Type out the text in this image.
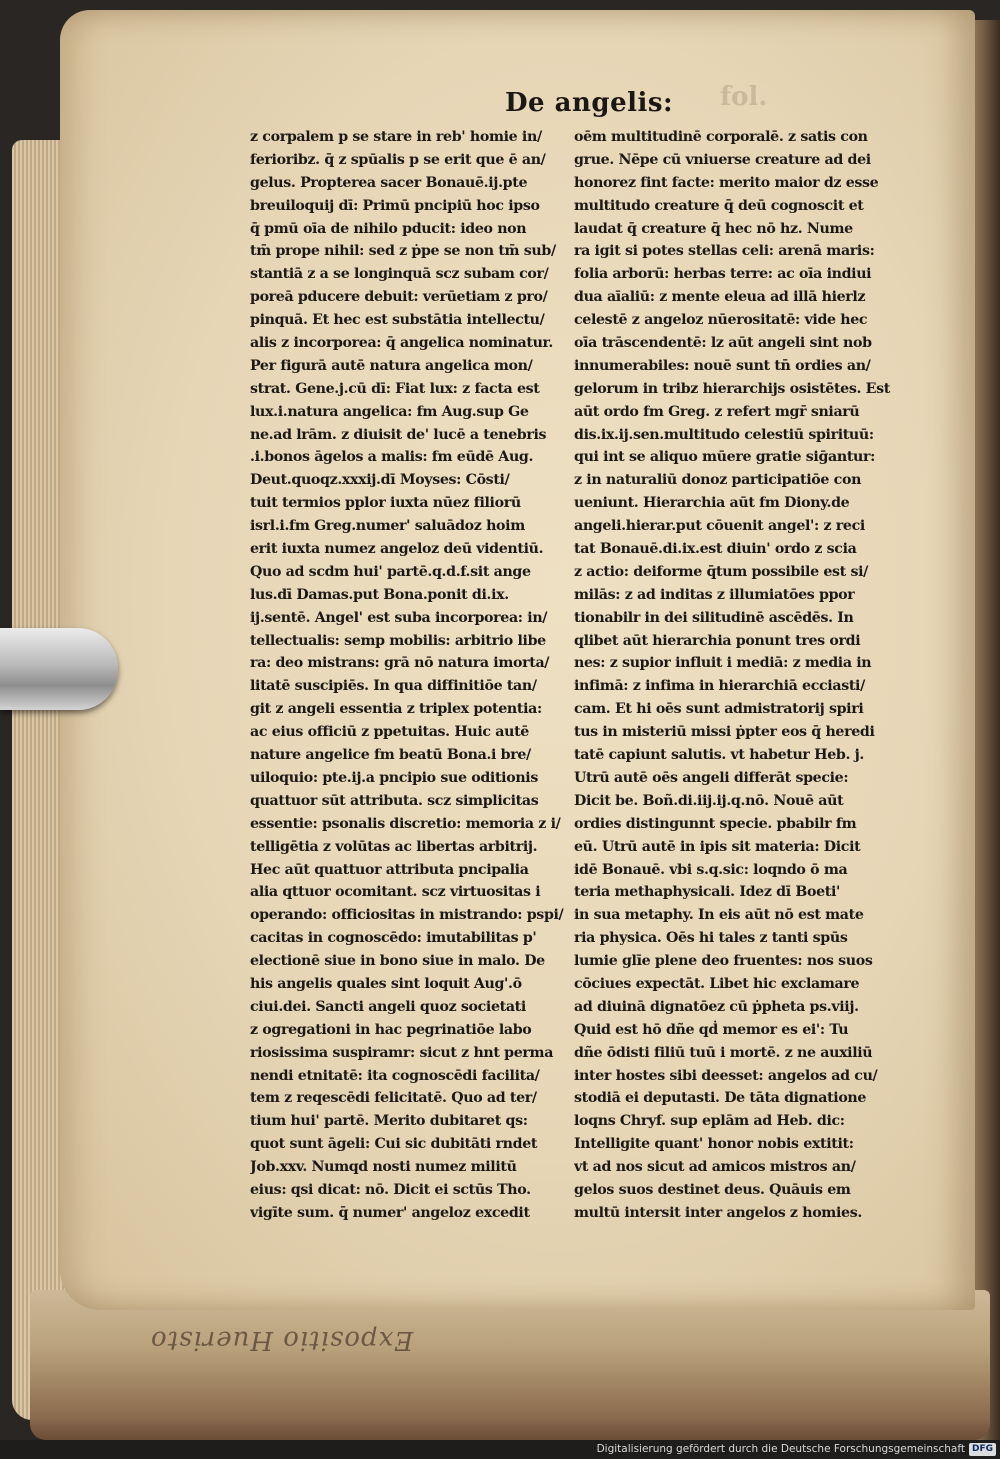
fol.
De angelis:
z corpalem p se stare in reb' homie in/
ferioribz. q̄ z spūalis p se erit que ē an/
gelus. Propterea sacer Bonauē.ij.pte
breuiloquij dī: Primū pncipiū hoc ipso
q̄ pmū oīa de nihilo pducit: ideo non
tm̄ prope nihil: sed z ṗpe se non tm̄ sub/
stantiā z a se longinquā scz subam cor/
poreā pducere debuit: verūetiam z pro/
pinquā. Et hec est substātia intellectu/
alis z incorporea: q̄ angelica nominatur.
Per figurā autē natura angelica mon/
strat. Gene.j.cū dī: Fiat lux: z facta est
lux.i.natura angelica: fm Aug.sup Ge
ne.ad lrām. z diuisit de' lucē a tenebris
.i.bonos āgelos a malis: fm eūdē Aug.
Deut.quoqz.xxxij.dī Moyses: Cōsti/
tuit termios pplor iuxta nūez filiorū
isrl.i.fm Greg.numer' saluādoz hoim
erit iuxta numez angeloz deū videntiū.
Quo ad scdm hui' partē.q.d.f.sit ange
lus.dī Damas.put Bona.ponit di.ix.
ij.sentē. Angel' est suba incorporea: in/
tellectualis: semp mobilis: arbitrio libe
ra: deo mistrans: grā nō natura imorta/
litatē suscipiēs. In qua diffinitiōe tan/
git z angeli essentia z triplex potentia:
ac eius officiū z ppetuitas. Huic autē
nature angelice fm beatū Bona.i bre/
uiloquio: pte.ij.a pncipio sue oditionis
quattuor sūt attributa. scz simplicitas
essentie: psonalis discretio: memoria z i/
telligētia z volūtas ac libertas arbitrij.
Hec aūt quattuor attributa pncipalia
alia qttuor ocomitant. scz virtuositas i
operando: officiositas in mistrando: pspi/
cacitas in cognoscēdo: imutabilitas p'
electionē siue in bono siue in malo. De
his angelis quales sint loquit Aug'.ō
ciui.dei. Sancti angeli quoz societati
z ogregationi in hac pegrinatiōe labo
riosissima suspiramr: sicut z hnt perma
nendi etnitatē: ita cognoscēdi facilita/
tem z reqescēdi felicitatē. Quo ad ter/
tium hui' partē. Merito dubitaret qs:
quot sunt āgeli: Cui sic dubitāti rndet
Job.xxv. Numqd nosti numez militū
eius: qsi dicat: nō. Dicit ei sctūs Tho.
vigīte sum. q̄ numer' angeloz excedit
oēm multitudinē corporalē. z satis con
grue. Nēpe cū vniuerse creature ad dei
honorez fint facte: merito maior dz esse
multitudo creature q̄ deū cognoscit et
laudat q̄ creature q̄ hec nō hz. Nume
ra igit si potes stellas celi: arenā maris:
folia arborū: herbas terre: ac oīa indiui
dua aīaliū: z mente eleua ad illā hierlz
celestē z angeloz nūerositatē: vide hec
oīa trāscendentē: lz aūt angeli sint nob
innumerabiles: nouē sunt tn̄ ordies an/
gelorum in tribz hierarchijs osistētes. Est
aūt ordo fm Greg. z refert mgr̄ sniarū
dis.ix.ij.sen.multitudo celestiū spirituū:
qui int se aliquo mūere gratie siḡantur:
z in naturaliū donoz participatiōe con
ueniunt. Hierarchia aūt fm Diony.de
angeli.hierar.put cōuenit angel': z reci
tat Bonauē.di.ix.est diuin' ordo z scia
z actio: deiforme q̄tum possibile est si/
milās: z ad inditas z illumiatōes ppor
tionabilr in dei silitudinē ascēdēs. In
qlibet aūt hierarchia ponunt tres ordi
nes: z supior influit i mediā: z media in
infimā: z infima in hierarchiā ecciasti/
cam. Et hi oēs sunt admistratorij spiri
tus in misteriū missi ṗpter eos q̄ heredi
tatē capiunt salutis. vt habetur Heb. j.
Utrū autē oēs angeli differāt specie:
Dicit be. Boñ.di.iij.ij.q.nō. Nouē aūt
ordies distingunnt specie. pbabilr fm
eū. Utrū autē in ipis sit materia: Dicit
idē Bonauē. vbi s.q.sic: loqndo ō ma
teria methaphysicali. Idez dī Boeti'
in sua metaphy. In eis aūt nō est mate
ria physica. Oēs hi tales z tanti spūs
lumie glīe plene deo fruentes: nos suos
cōciues expectāt. Libet hic exclamare
ad diuinā dignatōez cū ṗpheta ps.viij.
Quid est hō dñe qḋ memor es ei': Tu
dñe ōdisti filiū tuū i mortē. z ne auxiliū
inter hostes sibi deesset: angelos ad cu/
stodiā ei deputasti. De tāta dignatione
loqns Chryf. sup eplām ad Heb. dic:
Intelligite quant' honor nobis extitit:
vt ad nos sicut ad amicos mistros an/
gelos suos destinet deus. Quāuis em
multū intersit inter angelos z homies.
Expositio Hueristo
Digitalisierung gefördert durch die Deutsche Forschungsgemeinschaft DFG
